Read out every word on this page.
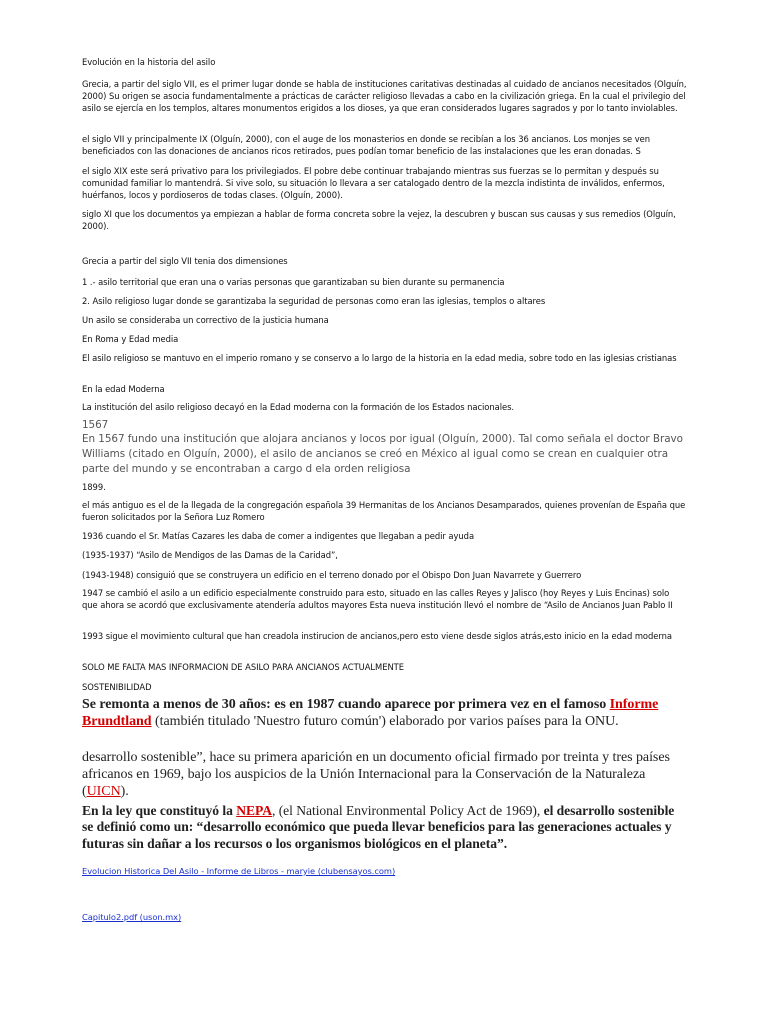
Evolución en la historia del asilo

Grecia, a partir del siglo VII, es el primer lugar donde se habla de instituciones caritativas destinadas al cuidado de ancianos necesitados (Olguín, 2000) Su origen se asocia fundamentalmente a prácticas de carácter religioso llevadas a cabo en la civilización griega. En la cual el privilegio del asilo se ejercía en los templos, altares monumentos erigidos a los dioses, ya que eran considerados lugares sagrados y por lo tanto inviolables.

el siglo VII y principalmente IX (Olguín, 2000), con el auge de los monasterios en donde se recibían a los 36 ancianos. Los monjes se ven beneficiados con las donaciones de ancianos ricos retirados, pues podían tomar beneficio de las instalaciones que les eran donadas. S

el siglo XIX este será privativo para los privilegiados. El pobre debe continuar trabajando mientras sus fuerzas se lo permitan y después su comunidad familiar lo mantendrá. Si vive solo, su situación lo llevara a ser catalogado dentro de la mezcla indistinta de inválidos, enfermos, huérfanos, locos y pordioseros de todas clases. (Olguín, 2000).

siglo XI que los documentos ya empiezan a hablar de forma concreta sobre la vejez, la descubren y buscan sus causas y sus remedios (Olguín, 2000).

Grecia a partir del siglo VII tenia dos dimensiones

1 .- asilo territorial que eran una o varias personas que garantizaban su bien durante su permanencia

2. Asilo religioso lugar donde se garantizaba la seguridad de personas como eran las iglesias, templos o altares

Un asilo se consideraba un correctivo de la justicia humana

En Roma y Edad media

El asilo religioso se mantuvo en el imperio romano y se conservo a lo largo de la historia en la edad media, sobre todo en las iglesias cristianas

En la edad Moderna

La institución del asilo religioso decayó en la Edad moderna con la formación de los Estados nacionales.

1567

En 1567 fundo una institución que alojara ancianos y locos por igual (Olguín, 2000). Tal como señala el doctor Bravo Williams (citado en Olguín, 2000), el asilo de ancianos se creó en México al igual como se crean en cualquier otra parte del mundo y se encontraban a cargo d ela orden religiosa

1899.

el más antiguo es el de la llegada de la congregación española 39 Hermanitas de los Ancianos Desamparados, quienes provenían de España que fueron solicitados por la Señora Luz Romero

1936 cuando el Sr. Matías Cazares les daba de comer a indigentes que llegaban a pedir ayuda

(1935-1937) “Asilo de Mendigos de las Damas de la Caridad”,

(1943-1948) consiguió que se construyera un edificio en el terreno donado por el Obispo Don Juan Navarrete y Guerrero

1947 se cambió el asilo a un edificio especialmente construido para esto, situado en las calles Reyes y Jalisco (hoy Reyes y Luis Encinas) solo que ahora se acordó que exclusivamente atendería adultos mayores Esta nueva institución llevó el nombre de “Asilo de Ancianos Juan Pablo II

1993 sigue el movimiento cultural que han creadola instirucion de ancianos,pero esto viene desde siglos atrás,esto inicio en la edad moderna

SOLO ME FALTA MAS INFORMACION DE ASILO PARA ANCIANOS ACTUALMENTE

SOSTENIBILIDAD

Se remonta a menos de 30 años: es en 1987 cuando aparece por primera vez en el famoso Informe Brundtland (también titulado 'Nuestro futuro común') elaborado por varios países para la ONU.

desarrollo sostenible”, hace su primera aparición en un documento oficial firmado por treinta y tres países africanos en 1969, bajo los auspicios de la Unión Internacional para la Conservación de la Naturaleza (UICN).

En la ley que constituyó la NEPA, (el National Environmental Policy Act de 1969), el desarrollo sostenible se definió como un: “desarrollo económico que pueda llevar beneficios para las generaciones actuales y futuras sin dañar a los recursos o los organismos biológicos en el planeta”.

Evolucion Historica Del Asilo - Informe de Libros - maryie (clubensayos.com)

Capitulo2.pdf (uson.mx)
